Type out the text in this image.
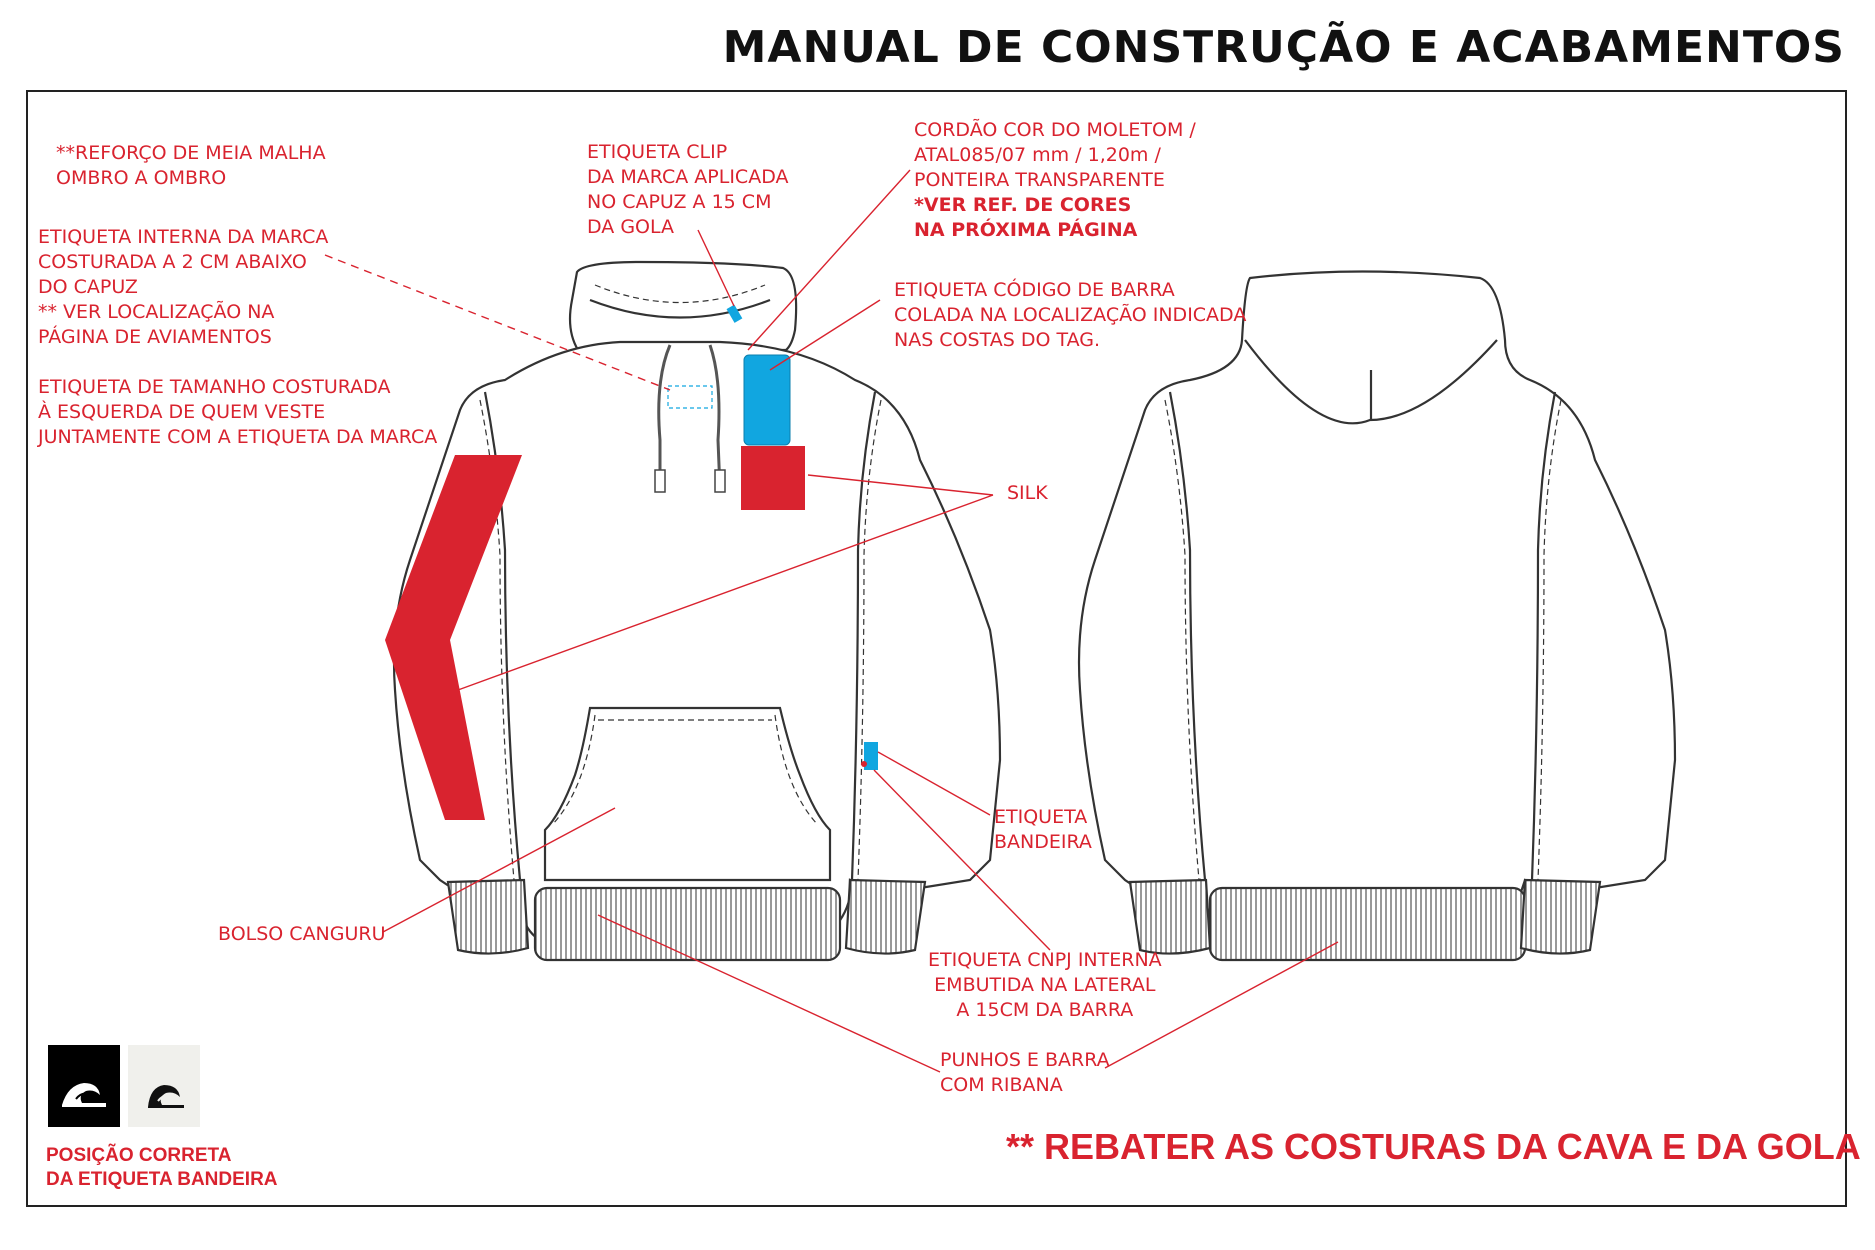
MANUAL DE CONSTRUÇÃO E ACABAMENTOS
**REFORÇO DE MEIA MALHA
OMBRO A OMBRO
ETIQUETA INTERNA DA MARCA
COSTURADA A 2 CM ABAIXO
DO CAPUZ
** VER LOCALIZAÇÃO NA
PÁGINA DE AVIAMENTOS
ETIQUETA DE TAMANHO COSTURADA
À ESQUERDA DE QUEM VESTE
JUNTAMENTE COM A ETIQUETA DA MARCA
ETIQUETA CLIP
DA MARCA APLICADA
NO CAPUZ A 15 CM
DA GOLA
CORDÃO COR DO MOLETOM /
ATAL085/07 mm / 1,20m /
PONTEIRA TRANSPARENTE
*VER REF. DE CORES
NA PRÓXIMA PÁGINA
ETIQUETA CÓDIGO DE BARRA
COLADA NA LOCALIZAÇÃO INDICADA
NAS COSTAS DO TAG.
SILK
ETIQUETA
BANDEIRA
BOLSO CANGURU
ETIQUETA CNPJ INTERNA
EMBUTIDA NA LATERAL
A 15CM DA BARRA
PUNHOS E BARRA
COM RIBANA
** REBATER AS COSTURAS DA CAVA E DA GOLA
POSIÇÃO CORRETA
DA ETIQUETA BANDEIRA
